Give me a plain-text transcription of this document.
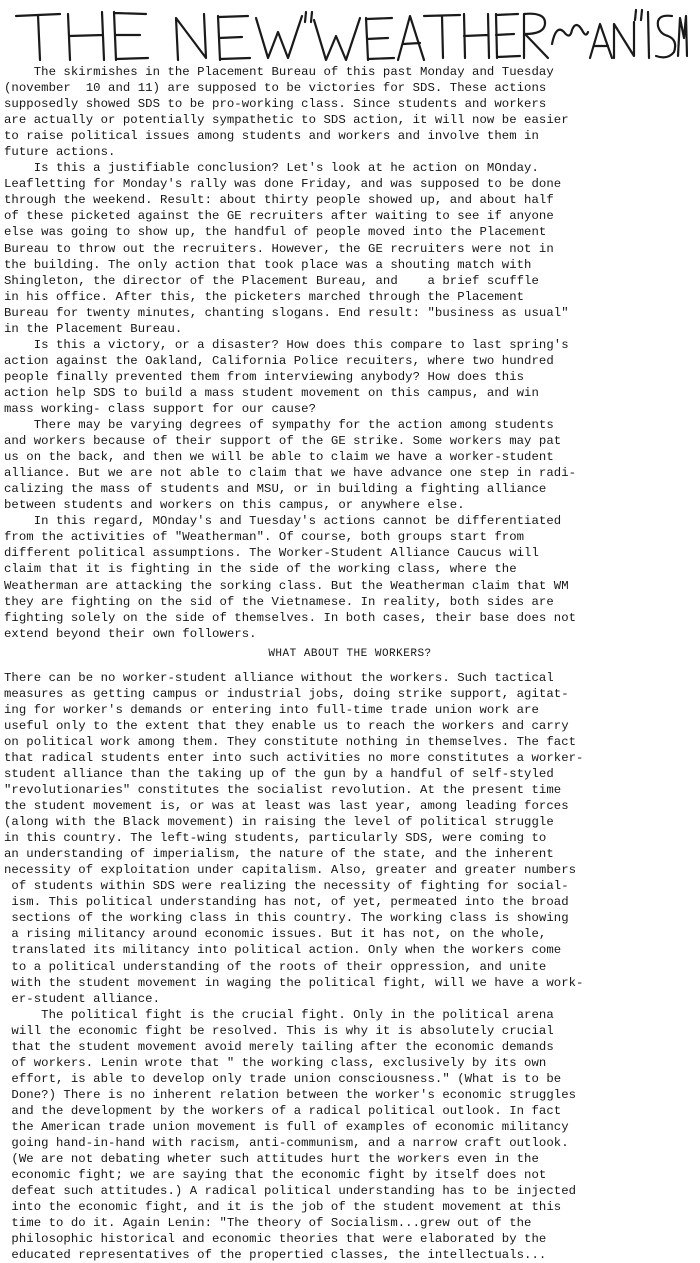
The skirmishes in the Placement Bureau of this past Monday and Tuesday
(november  10 and 11) are supposed to be victories for SDS. These actions
supposedly showed SDS to be pro-working class. Since students and workers
are actually or potentially sympathetic to SDS action, it will now be easier
to raise political issues among students and workers and involve them in
future actions.
Is this a justifiable conclusion? Let's look at he action on MOnday.
Leafletting for Monday's rally was done Friday, and was supposed to be done
through the weekend. Result: about thirty people showed up, and about half
of these picketed against the GE recruiters after waiting to see if anyone
else was going to show up, the handful of people moved into the Placement
Bureau to throw out the recruiters. However, the GE recruiters were not in
the building. The only action that took place was a shouting match with
Shingleton, the director of the Placement Bureau, and    a brief scuffle
in his office. After this, the picketers marched through the Placement
Bureau for twenty minutes, chanting slogans. End result: "business as usual"
in the Placement Bureau.
Is this a victory, or a disaster? How does this compare to last spring's
action against the Oakland, California Police recuiters, where two hundred
people finally prevented them from interviewing anybody? How does this
action help SDS to build a mass student movement on this campus, and win
mass working- class support for our cause?
There may be varying degrees of sympathy for the action among students
and workers because of their support of the GE strike. Some workers may pat
us on the back, and then we will be able to claim we have a worker-student
alliance. But we are not able to claim that we have advance one step in radi-
calizing the mass of students and MSU, or in building a fighting alliance
between students and workers on this campus, or anywhere else.
In this regard, MOnday's and Tuesday's actions cannot be differentiated
from the activities of "Weatherman". Of course, both groups start from
different political assumptions. The Worker-Student Alliance Caucus will
claim that it is fighting in the side of the working class, where the
Weatherman are attacking the sorking class. But the Weatherman claim that WM
they are fighting on the sid of the Vietnamese. In reality, both sides are
fighting solely on the side of themselves. In both cases, their base does not
extend beyond their own followers.
WHAT ABOUT THE WORKERS?
There can be no worker-student alliance without the workers. Such tactical
measures as getting campus or industrial jobs, doing strike support, agitat-
ing for worker's demands or entering into full-time trade union work are
useful only to the extent that they enable us to reach the workers and carry
on political work among them. They constitute nothing in themselves. The fact
that radical students enter into such activities no more constitutes a worker-
student alliance than the taking up of the gun by a handful of self-styled
"revolutionaries" constitutes the socialist revolution. At the present time
the student movement is, or was at least was last year, among leading forces
(along with the Black movement) in raising the level of political struggle
in this country. The left-wing students, particularly SDS, were coming to
an understanding of imperialism, the nature of the state, and the inherent
necessity of exploitation under capitalism. Also, greater and greater numbers
of students within SDS were realizing the necessity of fighting for social-
ism. This political understanding has not, of yet, permeated into the broad
sections of the working class in this country. The working class is showing
a rising militancy around economic issues. But it has not, on the whole,
translated its militancy into political action. Only when the workers come
to a political understanding of the roots of their oppression, and unite
with the student movement in waging the political fight, will we have a work-
er-student alliance.
The political fight is the crucial fight. Only in the political arena
will the economic fight be resolved. This is why it is absolutely crucial
that the student movement avoid merely tailing after the economic demands
of workers. Lenin wrote that " the working class, exclusively by its own
effort, is able to develop only trade union consciousness." (What is to be
Done?) There is no inherent relation between the worker's economic struggles
and the development by the workers of a radical political outlook. In fact
the American trade union movement is full of examples of economic militancy
going hand-in-hand with racism, anti-communism, and a narrow craft outlook.
(We are not debating wheter such attitudes hurt the workers even in the
economic fight; we are saying that the economic fight by itself does not
defeat such attitudes.) A radical political understanding has to be injected
into the economic fight, and it is the job of the student movement at this
time to do it. Again Lenin: "The theory of Socialism...grew out of the
philosophic historical and economic theories that were elaborated by the
educated representatives of the propertied classes, the intellectuals...
